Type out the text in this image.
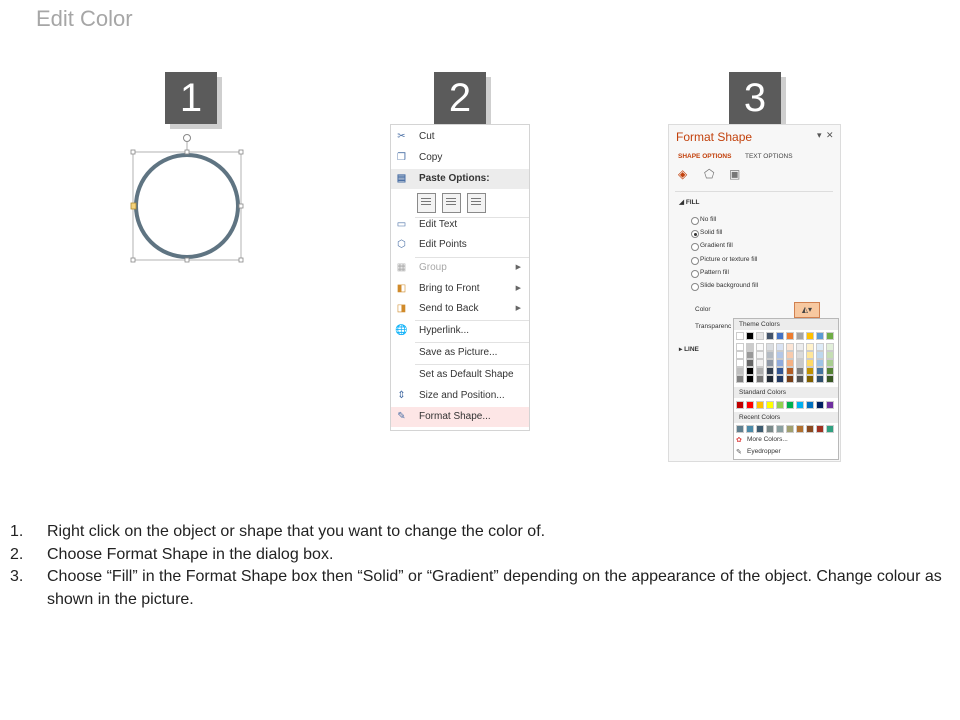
Edit Color
1	2	3
✂ Cut
❐ Copy
▤ Paste Options:
▭ Edit Text
⬡ Edit Points
▦ Group	▶
◧ Bring to Front	▶
◨ Send to Back	▶
🌐 Hyperlink...
Save as Picture...
Set as Default Shape
⇕ Size and Position...
✎ Format Shape...
Format Shape	▾ ✕
SHAPE OPTIONS TEXT OPTIONS
◈ ⬠ ▣
◢ FILL
No fill
Solid fill
Gradient fill
Picture or texture fill
Pattern fill
Slide background fill
Color	◭▾
Transparenc
▸ LINE
Theme Colors
Standard Colors
Recent Colors
✿ More Colors...
✎ Eyedropper
1. Right click on the object or shape that you want to change the color of.
2. Choose Format Shape in the dialog box.
3. Choose “Fill” in the Format Shape box then “Solid” or “Gradient” depending on the appearance of the object. Change colour as shown in the picture.
